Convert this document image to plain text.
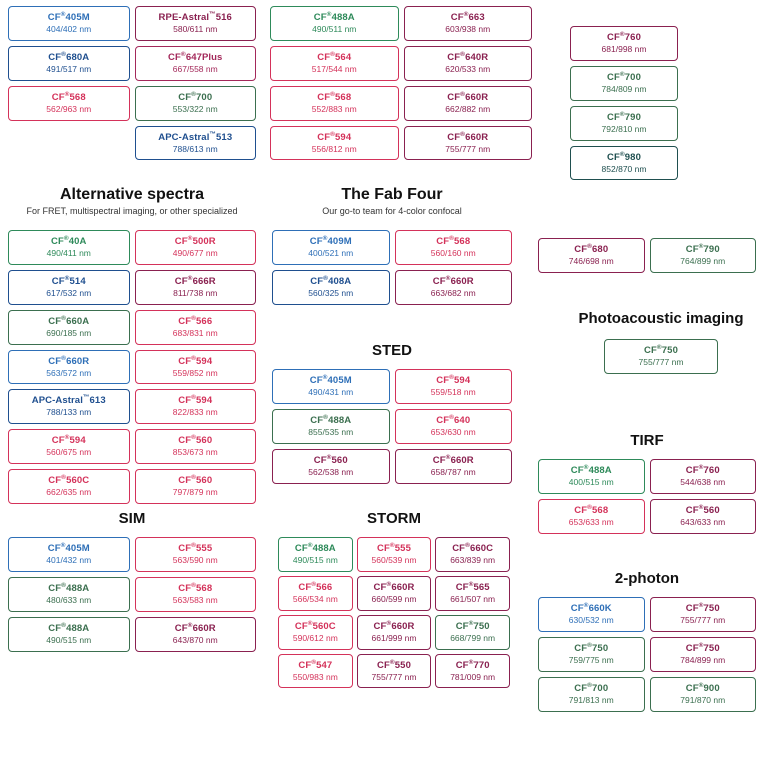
CF®405M
404/402 nm
RPE-Astral™516
580/611 nm
CF®680A
491/517 nm
CF®647Plus
667/558 nm
CF®568
562/963 nm
CF®700
553/322 nm
APC-Astral™513
788/613 nm
CF®488A
490/511 nm
CF®663
603/938 nm
CF®564
517/544 nm
CF®640R
620/533 nm
CF®568
552/883 nm
CF®660R
662/882 nm
CF®594
556/812 nm
CF®660R
755/777 nm
CF®760
681/998 nm
CF®700
784/809 nm
CF®790
792/810 nm
CF®980
852/870 nm
Alternative spectra
For FRET, multispectral imaging, or other specialized
CF®40A
490/411 nm
CF®500R
490/677 nm
CF®514
617/532 nm
CF®666R
811/738 nm
CF®660A
690/185 nm
CF®566
683/831 nm
CF®660R
563/572 nm
CF®594
559/852 nm
APC-Astral™613
788/133 nm
CF®594
822/833 nm
CF®594
560/675 nm
CF®560
853/673 nm
CF®560C
662/635 nm
CF®560
797/879 nm
The Fab Four
Our go-to team for 4-color confocal
CF®409M
400/521 nm
CF®568
560/160 nm
CF®408A
560/325 nm
CF®660R
663/682 nm
STED
CF®405M
490/431 nm
CF®594
559/518 nm
CF®488A
855/535 nm
CF®640
653/630 nm
CF®560
562/538 nm
CF®660R
658/787 nm
CF®680
746/698 nm
CF®790
764/899 nm
Photoacoustic imaging
CF®750
755/777 nm
TIRF
CF®488A
400/515 nm
CF®760
544/638 nm
CF®568
653/633 nm
CF®560
643/633 nm
SIM
CF®405M
401/432 nm
CF®555
563/590 nm
CF®488A
480/633 nm
CF®568
563/583 nm
CF®488A
490/515 nm
CF®660R
643/870 nm
STORM
CF®488A
490/515 nm
CF®555
560/539 nm
CF®660C
663/839 nm
CF®566
566/534 nm
CF®660R
660/599 nm
CF®565
661/507 nm
CF®560C
590/612 nm
CF®660R
661/999 nm
CF®750
668/799 nm
CF®547
550/983 nm
CF®550
755/777 nm
CF®770
781/009 nm
2-photon
CF®660K
630/532 nm
CF®750
755/777 nm
CF®750
759/775 nm
CF®750
784/899 nm
CF®700
791/813 nm
CF®900
791/870 nm
